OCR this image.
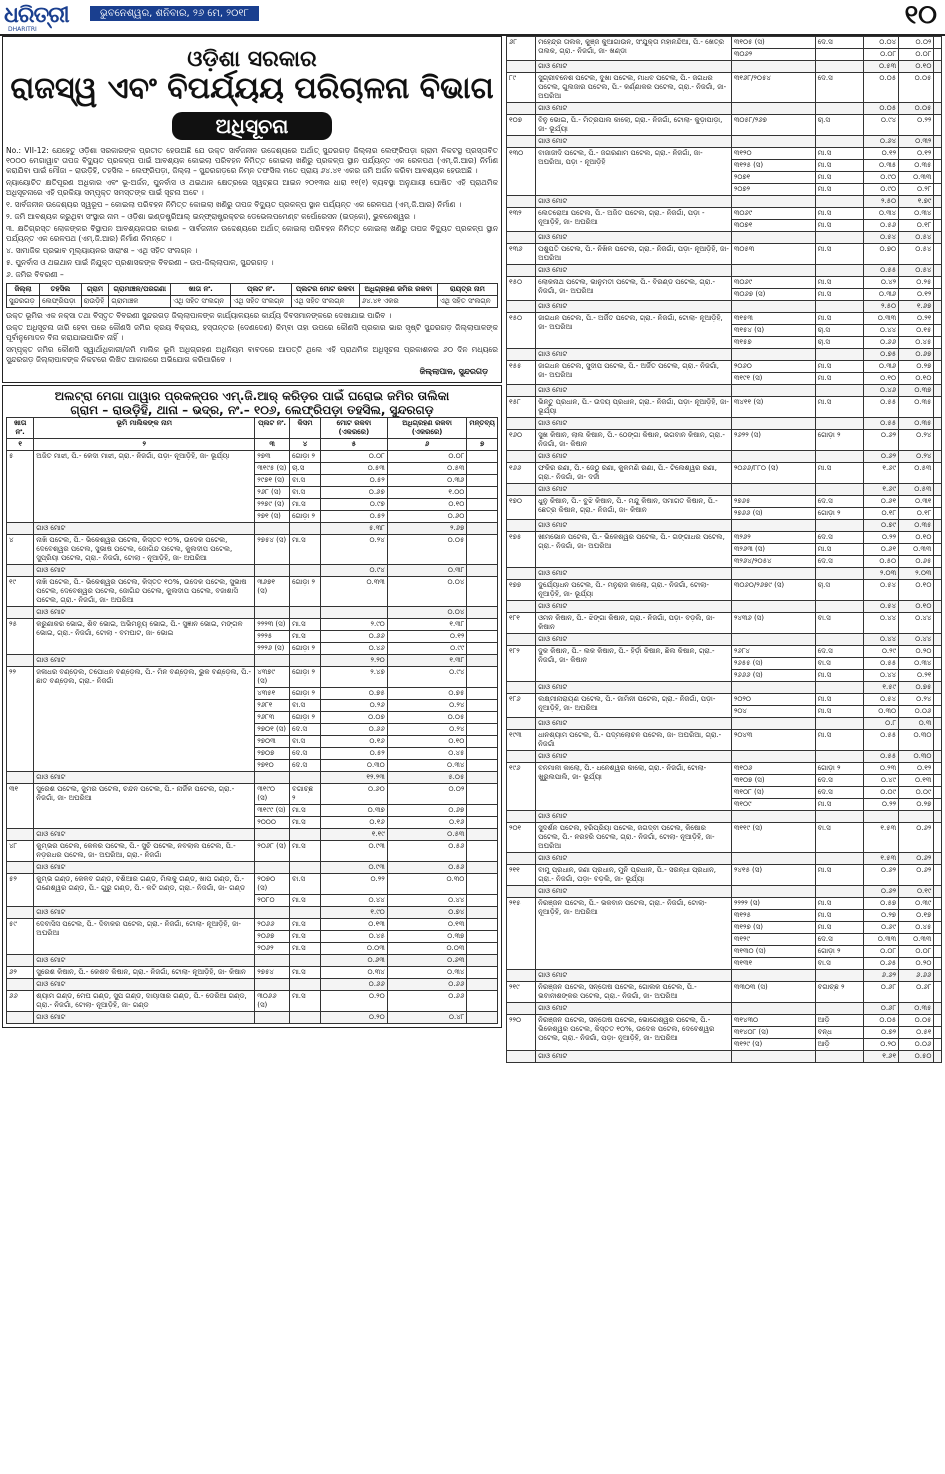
ଧରିତ୍ରୀ
DHARITRI
ଭୁବନେଶ୍ୱର, ଶନିବାର, ୨୬ ମେ, ୨୦୧୮	୧୦
ଓଡ଼ିଶା ସରକାର
ରାଜସ୍ୱ ଏବଂ ବିପର୍ଯ୍ୟୟ ପରିଚାଳନା ବିଭାଗ
ଅଧିସୂଚନା
No.: VII-12: ଯେହେତୁ ଓଡ଼ିଶା ସରକାରଙ୍କ ପ୍ରତୀତ ହେଉଅଛି ଯେ ଉକ୍ତ ସାର୍ବଜନୀନ ଉଦ୍ଦେଶ୍ୟରେ ଅର୍ଥାତ୍ ସୁନ୍ଦରଗଡ଼ ଜିଲ୍ଲାର ଲେଫ୍ରିପଡ଼ା ଗ୍ରାମ ନିକଟସ୍ଥ ପ୍ରସ୍ତାବିତ ୧୦୦୦ ମେଗାୱାଟ ତାପଜ ବିଦ୍ୟୁତ ପ୍ରକଳ୍ପ ପାଇଁ ଆବଶ୍ୟକ କୋଇଲା ପରିବହନ ନିମିତ୍ତ କୋଇଲା ଖଣିରୁ ପ୍ରକଳ୍ପ ସ୍ଥାନ ପର୍ଯ୍ୟନ୍ତ ଏକ ରେଳପଥ (ଏମ୍.ଜି.ଆର) ନିର୍ମାଣ କରାଯିବା ପାଇଁ ମୌଜା – ରାଉଡ଼ିହି, ତହସିଲ – ଲେଫ୍ରିପଡ଼ା, ଜିଲ୍ଲା – ସୁନ୍ଦରଗଡ଼ରେ ନିମ୍ନ ତଫସିଲ ମତେ ପ୍ରାୟ ୬୪.୪୧ ଏକର ଜମି ଅର୍ଜନ କରିବା ଆବଶ୍ୟକ ହେଉଅଛି ।
ନ୍ୟାୟୋଚିତ କ୍ଷତିପୂରଣ ଅଧିକାର ଏବଂ ଭୂ-ଅର୍ଜନ, ପୁନର୍ବାସ ଓ ଥଇଥାନ କ୍ଷେତ୍ରରେ ସ୍ୱଚ୍ଛତା ଆଇନ ୨୦୧୩ର ଧାରା ୧୧(୧) ବ୍ୟବସ୍ଥା ଅନୁଯାୟୀ ଘୋଷିତ ଏହି ପ୍ରାଥମିକ ଅଧିସୂଚନାରେ ଏହି ପ୍ରକିୟା ସମ୍ପୃକ୍ତ ସମସ୍ତଙ୍କ ପାଇଁ ସୂଚନା ଅଟେ ।
୧. ସାର୍ବଜନୀନ ଉଦ୍ଦେଶ୍ୟର ସ୍ୱରୂପ – କୋଇଲା ପରିବହନ ନିମିତ୍ତ କୋଇଲା ଖଣିରୁ ତାପଜ ବିଦ୍ୟୁତ ପ୍ରକଳ୍ପ ସ୍ଥାନ ପର୍ଯ୍ୟନ୍ତ ଏକ ରେଳପଥ (ଏମ୍.ଜି.ଆର) ନିର୍ମାଣ ।
୨. ଜମି ଆବଶ୍ୟକ କରୁଥିବା ସଂସ୍ଥାର ନାମ – ଓଡ଼ିଶା ଇଣ୍ଡଷ୍ଟ୍ରିଆଲ୍ ଇନ୍‌ଫ୍ରାଷ୍ଟ୍ରକ୍ଚର ଡେଭେଲପମେଣ୍ଟ କର୍ପୋରେସନ (ଇଡ୍‌କୋ), ଭୁବନେଶ୍ୱର ।
୩. କ୍ଷତିଗ୍ରସ୍ତ ଲୋକଙ୍କର ବିସ୍ଥାପନ ଆବଶ୍ୟକତାର କାରଣ – ସାର୍ବଜନୀନ ଉଦ୍ଦେଶ୍ୟରେ ଅର୍ଥାତ୍ କୋଇଲା ପରିବହନ ନିମିତ୍ତ କୋଇଲା ଖଣିରୁ ତାପଜ ବିଦ୍ୟୁତ ପ୍ରକଳ୍ପ ସ୍ଥାନ ପର୍ଯ୍ୟନ୍ତ ଏକ ରେଳପଥ (ଏମ୍.ଜି.ଆର) ନିର୍ମାଣ ନିମନ୍ତେ ।
୪. ସାମାଜିକ ପ୍ରଭାବ ମୂଲ୍ୟାୟନର ସାରାଂଶ – ଏଥି ସହିତ ସଂଲଗ୍ନ ।
୫. ପୁନର୍ବାସ ଓ ଥଇଥାନ ପାଇଁ ନିଯୁକ୍ତ ପ୍ରଶାସକଙ୍କ ବିବରଣୀ – ଉପ-ଜିଲ୍ଲାପାଳ, ସୁନ୍ଦରଗଡ଼ ।
୬. ଜମିର ବିବରଣୀ –
ଜିଲ୍ଲା	ତହସିଲ	ଗ୍ରାମ	ଗ୍ରାମାଞ୍ଚଳ/ପରଗଣା	ଖାତା ନଂ.	ପ୍ଲଟ ନଂ.	ପ୍ଲଟର ମୋଟ ରକବା	ଅଧିଗ୍ରହଣ ଜମିର ରକବା	ରାୟତ୍‌ର ନାମ
ସୁନ୍ଦରଗଡ଼	ଲେଫ୍ରିପଡ଼ା	ରାଉଡ଼ିହି	ଗ୍ରାମାଞ୍ଚଳ	ଏଥି ସହିତ ସଂଲଗ୍ନ	ଏଥି ସହିତ ସଂଲଗ୍ନ	ଏଥି ସହିତ ସଂଲଗ୍ନ	୬୪.୪୧ ଏକର	ଏଥି ସହିତ ସଂଲଗ୍ନ
ଉକ୍ତ ଭୂମିର ଏକ ନକ୍ସା ତଥା ବିସ୍ତୃତ ବିବରଣୀ ସୁନ୍ଦରଗଡ଼ ଜିଲ୍ଲାପାଳଙ୍କ କାର୍ଯ୍ୟାଳୟରେ କାର୍ଯ୍ୟ ଦିବସମାନଙ୍କରେ ଦେଖାଯାଇ ପାରିବ ।
ଉକ୍ତ ଅଧିସୂଚନା ଜାରି ହେବା ପରେ କୌଣସି ଜମିର କ୍ରୟ ବିକ୍ରୟ, ହସ୍ତାନ୍ତର (ଦେଣଦେଣ) କିମ୍ବା ତାହା ଉପରେ କୌଣସି ପ୍ରକାର ଭାର ସୃଷ୍ଟି ସୁନ୍ଦରଗଡ଼ ଜିଲ୍ଲାପାଳଙ୍କ ପୂର୍ବାନୁମୋଦନ ବିନା କରାଯାଇପାରିବ ନାହିଁ ।
ସମ୍ପୃକ୍ତ ଜମିର କୌଣସି ସ୍ୱାର୍ଥାଧିକାରୀ/ଜମି ମାଲିକ ଭୂମି ଅଧିଗ୍ରହଣ ଅଧିନିୟମ ବାବଦରେ ଆପତ୍ତି ଥିଲେ ଏହି ପ୍ରାଥମିକ ଅଧିସୂଚନା ପ୍ରକାଶନର ୬୦ ଦିନ ମଧ୍ୟରେ ସୁନ୍ଦରଗଡ଼ ଜିଲ୍ଲାପାଳଙ୍କ ନିକଟରେ ଲିଖିତ ଆକାରରେ ଅଭିଯୋଗ କରିପାରିବେ ।
ଜିଲ୍ଲାପାଳ, ସୁନ୍ଦରଗଡ଼
ଅଲଟ୍ରା ମେଗା ପାୱାର ପ୍ରକଳ୍ପର ଏମ୍.ଜି.ଆର୍ କରିଡ଼ର ପାଇଁ ଘରୋଇ ଜମିର ତାଲିକା
ଗ୍ରାମ – ରାଉଡ଼ିହି, ଥାନା – ଭଦ୍ର, ନଂ.– ୧୦୬, ଲେଫ୍ରିପଡ଼ା ତହସିଲ, ସୁନ୍ଦରଗଡ଼
ଖାତା ନଂ.	ଭୂମି ମାଲିକଙ୍କ ନାମ	ପ୍ଲଟ ନଂ.	କିସମ	ମୋଟ ରକବା (ଏକରରେ)	ଅଧିଗ୍ରହଣ ରକବା (ଏକରରେ)	ମନ୍ତବ୍ୟ
୧	୨	୩	୪	୫	୬	୭
୫	ଅଜିତ ମାଝୀ, ପି.- କେଦା ମାଝୀ, ଗ୍ରା.- ନିଜଗାଁ, ପଡ଼ା- ନୂଆଡ଼ିହି, ଜା- ଭୂର୍ଯ୍ୟା	୨୭୩	ଗୋଡ଼ା ୨	୦.୦୮	୦.୦୮	
		୩୧୯୫ (ସ)	ଚା.ସ	୦.୫୩	୦.୫୩	
		୨୯୭୧ (ସ)	ବା.ସ	୦.୫୨	୦.୩୬	
		୨୬୮ (ସ)	ବା.ସ	୦.୬୭	୧.୦୦	
		୨୨୭୯ (ସ)	ମା.ସ	୦.୯୭	୦.୧୦	
		୨୭୧ (ସ)	ଗୋଡ଼ା ୨	୦.୫୨	୦.୬୦	
	ଗାଓ ମୋଟ			୫.୩୮	୨.୬୭	
୪	ନାଖି ପଟେଲ, ପି.- ଭିକେଶ୍ୱର ପଟେଲ, କିସ୍ତତ ୧୦%, ଉଦେକ ପଟେଲ, ଦେବେଶ୍ୱର ପଟେଲ, ସୁଭାଷ ପଟେଲ, ଜୋଗିନ୍ଦ ପଟେଲ, କୁଲଦୀପ ପଟେଲ, ସୁପ୍ରିୟା ପଟେଲ, ଗ୍ରା.- ନିଜଗାଁ, ଟୋଲା - ନୂଆଡ଼ିହି, ଜା- ଅଘରିଆ	୨୭୫୪ (ସ)	ମା.ସ	୦.୨୪	୦.୦୫	
	ଗାଓ ମୋଟ			୦.୯୪	୦.୩୮	
୧୯	ନାଖି ପଟେଲ, ପି.- ଭିକେଶ୍ୱର ପଟେଲ, କିସ୍ତତ ୧୦%, ଉଦେକ ପଟେଲ, ସୁଭାଷ ପଟେଲ, ଦେବେଶ୍ୱର ପଟେଲ, ଜୋଗିନ୍ଦ ପଟେଲ, କୁଲଦୀପ ପଟେଲ, ବଜାଶାସି ପଟେଲ, ଗ୍ରା.- ନିଜଗାଁ, ଜା- ଅଘରିଆ	୩୬୭୧ (ସ)	ଗୋଡ଼ା ୨	୦.୩୩	୦.୦୪	
	ଗାଓ ମୋଟ				୦.୦୪	
୨୫	କରୁଣାକର ଭୋଇ, ଶିବ ଭୋଇ, ଅଭିମନ୍ୟୁ ଭୋଇ, ପି.- ସୁଜ୍ଞାନ ଭୋଇ, ମଙ୍ଗଳ ଭୋଇ, ଗ୍ରା.- ନିଜଗାଁ, ଟୋଲା - ବମଘାଟ, ଜା- ଭୋଇ	୨୨୨୩ (ସ)	ମା.ସ	୨.୯୦	୧.୩୮	
		୨୨୨୫	ମା.ସ	୦.୬୬	୦.୧୨	
		୨୨୨୬ (ସ)	ଗୋଡ଼ା ୨	୦.୪୬	୦.୯୯	
	ଗାଓ ମୋଟ			୨.୨୦	୧.୩୮	
୨୨	ଜଳାଧର ବଣ୍ଡ଼େଲ, ତପୋଧନ ବଣ୍ଡ଼େଲ, ପି.- ମିନ ବଣ୍ଡ଼େଲ, ଭୁକ ବଣ୍ଡ଼େଲ, ପି.- ଛାତ ବଣ୍ଡ଼େଲ, ଗ୍ରା.- ନିଜଗାଁ	୪୩୭୯ (ସ)	ଗୋଡ଼ା ୨	୨.୪୭	୦.୯୪	
		୪୩୫୧	ଗୋଡ଼ା ୨	୦.୭୫	୦.୭୫	
		୨୬୮୧	ବା.ସ	୦.୨୬	୦.୨୪	
		୨୬୮୩	ଗୋଡ଼ା ୨	୦.୦୭	୦.୦୫	
		୨୭୦୧ (ସ)	ଦେ.ସ	୦.୬୬	୦.୨୪	
		୨୭୦୩	ବା.ସ	୦.୧୬	୦.୧୦	
		୨୭୦୭	ଦେ.ସ	୦.୫୨	୦.୪୫	
		୨୭୧୦	ଦେ.ସ	୦.୩୦	୦.୩୪	
	ଗାଓ ମୋଟ			୧୨.୨୩	୫.୦୫	
୩୧	ସୁରେଶ ପଟେଲ, ଜୁମର ପଟେଲ, ଚନ୍ଦନ ପଟେଲ, ପି.- ନାର୍ଜିକ ପଟେଲ, ଗ୍ରା.- ନିଜଗାଁ, ଜା- ଅଘରିଆ	୩୧୯୦ (ସ)	ବଗାଚ୍ଛ ୨	୦.୬୦	୦.୦୨	
		୩୧୯୯ (ସ)	ମା.ସ	୦.୩୭	୦.୬୭	
		୨୦୦୦	ମା.ସ	୦.୧୬	୦.୧୬	
	ଗାଓ ମୋଟ			୧.୧୯	୦.୫୩	
୪୮	କୁମ୍ଭର ପଟେଲ, କେଳର ପଟେଲ, ପି.- ସୁଚି ପଟେଲ, ନବଲାଲ ପଟେଲ, ପି.- ନଡ଼ରଧର ପଟେଲ, ଜା- ଅଘରିଆ, ଗ୍ରା.- ନିଜଗାଁ	୨୦୬୮ (ସ)	ମା.ସ	୦.୯୩	୦.୫୬	
	ଗାଓ ମୋଟ			୦.୯୩	୦.୫୬	
୫୨	କୁମ୍ଭ ଗଣ୍ଡ, କେଳବ ଗଣ୍ଡ, ବଶିଆର ଗଣ୍ଡ, ମିଲକୁ ଗଣ୍ଡ, ଖାପ ଗଣ୍ଡ, ପି.- ଗଣେଶ୍ୱର ଗଣ୍ଡ, ପି.- ଗୁରୁ ଗଣ୍ଡ, ପି.- କଟି ଗଣ୍ଡ, ଗ୍ରା.- ନିଜଗାଁ, ଜା- ଗଣ୍ଡ	୨୦୭୦ (ସ)	ବା.ସ	୦.୨୨	୦.୩୦	
		୨୦୮୦	ମା.ସ	୦.୪୪	୦.୪୪	
	ଗାଓ ମୋଟ			୧.୯୦	୦.୭୪	
୫୯	ଦେବାସିସ ପଟେଲ, ପି.- ଦିବାକର ପଟେଲ, ଗ୍ରା.- ନିଜଗାଁ, ଟୋଲା- ନୂଆଡ଼ିହି, ଜା- ଅଘରିଆ	୨୦୬୬	ମା.ସ	୦.୧୩	୦.୧୩	
		୨୦୬୭	ମା.ସ	୦.୪୫	୦.୩୭	
		୨୦୬୨	ମା.ସ	୦.୦୩	୦.୦୩	
	ଗାଓ ମୋଟ			୦.୬୩	୦.୬୩	
୬୨	ସୁରେଶ କିଷାନ, ପି.- କେଶବ କିଷାନ, ଗ୍ରା.- ନିଜଗାଁ, ଟୋଲା- ନୂଆଡ଼ିହି, ଜା- କିଷାନ	୨୭୫୪	ମା.ସ	୦.୩୪	୦.୩୪	
	ଗାଓ ମୋଟ			୦.୬୬	୦.୬୬	
୬୬	ଶ୍ୟାମ ଗଣ୍ଡ, ମେଘ ଗଣ୍ଡ, ସୁପ ଗଣ୍ଡ, ଦାୟାସାର ଗଣ୍ଡ, ପି.- ଡେରିଆ ଗଣ୍ଡ, ଗ୍ରା.- ନିଜଗାଁ, ଟୋଲା- ନୂଆଡ଼ିହି, ଜା- ଗଣ୍ଡ	୩୦୬୬ (ସ)	ମା.ସ	୦.୨୦	୦.୬୬	
	ଗାଓ ମୋଟ			୦.୨୦	୦.୪୮	
୬୮	ମହେନ୍ଦ୍ର ତାଲକ, କୁଞ୍ଜ କୁଆଗାଉନ, ସଂଯୁକ୍ତା ମହାନନ୍ଦିଆ, ପି.- ଖେତ୍ର ତାଲକ, ଗ୍ରା.- ନିଜଗାଁ, ଜା- ଖଣ୍ଡା	୩୧୦୫ (ସ)	ଦେ.ସ	୦.୦୪	୦.୦୨	
		୩୦୬୨		୦.୦୮	୦.୦୮	
	ଗାଓ ମୋଟ			୦.୫୩	୦.୧୦	
୮୯	ସୁଗ୍ରୀବନେଶ ପଟେଲ, ଦୁଖା ପଟେଲ, ମାଧବ ପଟେଲ, ପି.- ଜଗଧର ପଟେଲ, ଗୁଲଜାର ପଟେଲ, ପି.- କର୍ଣ୍ଣାକର ପଟେଲ, ଗ୍ରା.- ନିଜଗାଁ, ଜା- ଅଘରିଆ	୩୧୬୮/୨୦୫୪	ଦେ.ସ	୦.୦୫	୦.୦୫	
	ଗାଓ ମୋଟ			୦.୦୫	୦.୦୫	
୧୦୭	ବିନୁ ଭୋଇ, ପି.- ମିତ୍ରପାଲ କାଲୋ, ଗ୍ରା.- ନିଜଗାଁ, ଟୋଲା- କୁଡ଼ାପାଡ଼ା, ଜା- ଭୂର୍ଯ୍ୟା	୩୦୫୮/୨୬୭	ଚା.ସ	୦.୯୪	୦.୨୨	
	ଗାଓ ମୋଟ			୦.୬୪	୦.୩୨	
୧୩୦	ବାଜାଜୀଦି ପଟେଲ, ପି.- ଜଗରଣାମ ପଟେଲ, ଗ୍ରା.- ନିଜଗାଁ, ଜା- ଅଘରିଆ, ପଡ଼ା - ନୂଆଡ଼ିହି	୩୧୨୦	ମା.ସ	୦.୧୨	୦.୧୨	
		୩୧୨୫ (ସ)	ମା.ସ	୦.୩୫	୦.୩୫	
		୨୦୭୧	ମା.ସ	୦.୯୦	୦.୩୩	
		୨୦୭୨	ମା.ସ	୦.୯୦	୦.୨୮	
	ଗାଓ ମୋଟ			୨.୫୦	୧.୭୯	
୧୩୨	ଲେତରୋଆ ପଟେଲ, ପି.- ଅଜିତ ପଟେଲ, ଗ୍ରା.- ନିଜଗାଁ, ପଡ଼ା - ନୂଆଡ଼ିହି, ଜା- ଅଘରିଆ	୩୦୬୯	ମା.ସ	୦.୩୪	୦.୩୪	
		୩୦୭୧	ମା.ସ	୦.୫୬	୦.୧୮	
	ଗାଓ ମୋଟ			୦.୫୪	୦.୫୪	
୧୩୬	ପଶୁପତି ପଟେଲ, ପି.- ନିଖିଳ ପଟେଲ, ଗ୍ରା.- ନିଜଗାଁ, ପଡ଼ା- ନୂଆଡ଼ିହି, ଜା- ଅଘରିଆ	୩୦୫୩	ମା.ସ	୦.୭୦	୦.୫୪	
	ଗାଓ ମୋଟ			୦.୫୫	୦.୫୪	
୧୫୦	ଲୋକନାଥ ପଟେଲ, ଭାନୁମତୀ ପଟେଲ, ପି.- ବିରଣ୍ଡ ପଟେଲ, ଗ୍ରା.- ନିଜଗାଁ, ଜା- ଅଘରିଆ	୩୦୬୯	ମା.ସ	୦.୪୨	୦.୨୫	
		୩୦୬୭ (ସ)	ମା.ସ	୦.୩୬	୦.୧୨	
	ଗାଓ ମୋଟ			୨.୫୦	୧.୬୭	
୧୫୦	ଜାଗଧନ ପଟେଲ, ପି.- ଅର୍ଜିତ ପଟେଲ, ଗ୍ରା.- ନିଜଗାଁ, ଟୋଲା- ନୂଆଡ଼ିହି, ଜା- ଅଘରିଆ	୩୧୫୩	ମା.ସ	୦.୩୩	୦.୨୧	
		୩୧୫୪ (ସ)	ଚା.ସ	୦.୪୪	୦.୧୫	
		୩୧୫୭	ଚା.ସ	୦.୬୬	୦.୪୫	
	ଗାଓ ମୋଟ			୦.୭୫	୦.୬୭	
୧୫୫	ଜାଗଧନ ପଟେଲ, ସୁଦୀପ ପଟେଲ, ପି.- ଅର୍ଜିତ ପଟେଲ, ଗ୍ରା.- ନିଜଗାଁ, ଜା- ଅଘରିଆ	୨୦୬୦	ମା.ସ	୦.୩୬	୦.୨୭	
		୩୧୯୧ (ସ)	ମା.ସ	୦.୧୦	୦.୧୦	
	ଗାଓ ମୋଟ			୦.୪୬	୦.୩୭	
୧୫୮	ଭିନ୍ତୁ ପ୍ରଧାନ, ପି.- ଉଦୟ ପ୍ରଧାନ, ଗ୍ରା.- ନିଜଗାଁ, ପଡ଼ା- ନୂଆଡ଼ିହି, ଜା- ଭୂର୍ଯ୍ୟା	୩୪୧୧ (ସ)	ମା.ସ	୦.୫୫	୦.୩୫	
	ଗାଓ ମୋଟ			୦.୫୫	୦.୩୫	
୧୬୦	ସୁଖ କିଷାନ, ଲାଲ କିଷାନ, ପି.- ଠେଙ୍ଗା କିଷାନ, ଭଗବାନ କିଷାନ, ଗ୍ରା.- ନିଜଗାଁ, ଜା- କିଷାନ	୨୬୨୨ (ସ)	ଗୋଡ଼ା ୨	୦.୬୨	୦.୨୪	
	ଗାଓ ମୋଟ			୦.୬୨	୦.୨୪	
୧୬୬	ଫକିର ରଣା, ପି.- ଜେଠୁ ରଣା, କୁଳମଣି ରଣା, ପି.- ଟିଲେଶ୍ୱର ରଣା, ଗ୍ରା.- ନିଜଗାଁ, ଜା- ଦର୍ଜୀ	୨୦୬୬/୮୮୦ (ସ)	ମା.ସ	୧.୬୯	୦.୫୩	
	ଗାଓ ମୋଟ			୧.୬୯	୦.୫୩	
୧୭୦	ଧୁନୁ କିଷାନ, ପି.- ବୁଝି କିଷାନ, ପି.- ମନ୍ଦୁ କିଷାନ, ସମାଗତ କିଷାନ, ପି.- ଛେତ୍ର କିଷାନ, ଗ୍ରା.- ନିଜଗାଁ, ଜା- କିଷାନ	୨୭୬୫	ଦେ.ସ	୦.୬୧	୦.୩୧	
		୨୭୬୬ (ସ)	ଗୋଡ଼ା ୨	୦.୧୮	୦.୧୮	
	ଗାଓ ମୋଟ			୦.୭୯	୦.୩୫	
୧୭୫	ଖୀମଭୋନ ପଟେଲ, ପି.- ଭିଳେଶ୍ୱର ପଟେଲ, ପି.- ଗଙ୍ଗାଧର ପଟେଲ, ଗ୍ରା.- ନିଜଗାଁ, ଜା- ଅଘରିଆ	୩୨୬୨	ଦେ.ସ	୦.୨୨	୦.୧୦	
		୩୨୬୩ (ସ)	ମା.ସ	୦.୬୧	୦.୩୩	
		୩୨୬୪/୨୦୫୪	ଦେ.ସ	୦.୫୦	୦.୬୫	
	ଗାଓ ମୋଟ			୨.୦୩	୨.୦୩	
୧୭୭	ଦୁର୍ଯ୍ୟୋଧନ ପଟେଲ, ପି.- ମନୁରାଜ କାଲୋ, ଗ୍ରା.- ନିଜଗାଁ, ଟୋଲା- ନୂଆଡ଼ିହି, ଜା- ଭୂର୍ଯ୍ୟା	୩୦୬୦/୨୬୭୯ (ସ)	ଚା.ସ	୦.୫୪	୦.୧୦	
	ଗାଓ ମୋଟ			୦.୫୪	୦.୧୦	
୧୮୧	ଓମନ କିଷାନ, ପି.- ଝିଙ୍ଗା କିଷାନ, ଗ୍ରା.- ନିଜଗାଁ, ପଡ଼ା- ବଡ଼ଲି, ଜା- କିଷାନ	୨୪୩୬ (ସ)	ବା.ସ	୦.୪୪	୦.୪୪	
	ଗାଓ ମୋଟ			୦.୪୪	୦.୪୪	
୧୮୨	ଦୁକ କିଷାନ, ପି.- ଲକ କିଷାନ, ପି.- ହିର୍ଡ଼ା କିଷାନ, ଛିଲ କିଷାନ, ଗ୍ରା.- ନିଜଗାଁ, ଜା- କିଷାନ	୨୬୮୪	ଦେ.ସ	୦.୨୯	୦.୨୦	
		୨୬୫୫ (ସ)	ବା.ସ	୦.୫୫	୦.୩୪	
		୨୬୬୬ (ସ)	ମା.ସ	୦.୪୪	୦.୨୧	
	ଗାଓ ମୋଟ			୧.୫୯	୦.୭୫	
୧୮୬	ଲକ୍ଷ୍ମୀନାରାୟଣ ପଟେଲ, ପି.- ଜାମିନୀ ପଟେଲ, ଗ୍ରା.- ନିଜଗାଁ, ପଡ଼ା- ନୂଆଡ଼ିହି, ଜା- ଅଘରିଆ	୨୦୨୦	ମା.ସ	୦.୫୪	୦.୨୪	
		୨୦୪	ମା.ସ	୦.୩୦	୦.୦୬	
	ଗାଓ ମୋଟ			୦.୮	୦.୩	
୧୯୩	ଧାନଶ୍ୟାମ ପଟେଲ, ପି.- ପଦ୍ମଲୋଚନ ପଟେଲ, ଜା- ଅଘରିଆ, ଗ୍ରା.- ନିଜଗାଁ	୨୦୪୩	ମା.ସ	୦.୫୫	୦.୩୦	
	ଗାଓ ମୋଟ			୦.୫୫	୦.୩୦	
୧୯୬	ବନମାଳୀ କାଲୋ, ପି.- ଧନେଶ୍ୱର କାଲୋ, ଗ୍ରା.- ନିଜଗାଁ, ଟୋଲା- ଖୁରୁଲପାଲି, ଜା- ଭୂର୍ଯ୍ୟା	୩୧୦୬	ଗୋଡ଼ା ୨	୦.୨୩	୦.୧୨	
		୩୧୦୭ (ସ)	ଦେ.ସ	୦.୪୯	୦.୧୩	
		୩୧୦୮ (ସ)	ଦେ.ସ	୦.୦୯	୦.୦୯	
		୩୧୦୯	ମା.ସ	୦.୨୨	୦.୨୭	
	ଗାଓ ମୋଟ					
୨୦୧	ସୁଦର୍ଶନ ପଟେଲ, ହରିପ୍ରିୟା ପଟେଲ, ଜଗଦ୍ବୀ ପଟେଲ, କିଷୋର ପଟେଲ, ପି.- ନରହରି ପଟେଲ, ଗ୍ରା.- ନିଜଗାଁ, ଟୋଲା- ନୂଆଡ଼ିହି, ଜା- ଅଘରିଆ	୩୧୧୯ (ସ)	ବା.ସ	୧.୫୩	୦.୬୨	
	ଗାଓ ମୋଟ			୧.୫୩	୦.୬୨	
୨୧୧	ବାମୁ ପ୍ରଧାନ, ଜଣା ପ୍ରଧାନ, ମୁନି ପ୍ରଧାନ, ପି.- ସରନ୍ଧା ପ୍ରଧାନ, ଗ୍ରା.- ନିଜଗାଁ, ପଡ଼ା- ବଡ଼ଲି, ଜା- ଭୂର୍ଯ୍ୟା	୨୪୧୫ (ସ)	ମା.ସ	୦.୬୨	୦.୬୨	
	ଗାଓ ମୋଟ			୦.୬୨	୦.୧୯	
୨୧୫	ନିରଞ୍ଜନ ପଟେଲ, ପି.- ଭକବାନ ପଟେଲ, ଗ୍ରା.- ନିଜଗାଁ, ଟୋଲା- ନୂଆଡ଼ିହି, ଜା- ଅଘରିଆ	୨୨୨୨ (ସ)	ମା.ସ	୦.୫୭	୦.୩୯	
		୩୧୨୫	ମା.ସ	୦.୨୭	୦.୧୭	
		୩୧୨୭ (ସ)	ମା.ସ	୦.୬୯	୦.୪୫	
		୩୧୨୯	ଦେ.ସ	୦.୩୩	୦.୩୩	
		୩୧୩୦ (ସ)	ଗୋଡ଼ା ୨	୦.୦୮	୦.୦୮	
		୩୧୩୧	ବା.ସ	୦.୬୫	୦.୨୦	
	ଗାଓ ମୋଟ			୬.୬୨	୬.୬୬	
୨୧୯	ନିରଞ୍ଜନ ପଟେଲ, ସନ୍ତୋଷ ପଟେଲ, ଗୋଲକ ପଟେଲ, ପି.- ଭବାନୀଶଙ୍କର ପଟେଲ, ଗ୍ରା.- ନିଜଗାଁ, ଜା- ଅଘରିଆ	୩୩୦୩ (ସ)	ବଗାଚ୍ଛ ୨	୦.୬୮	୦.୬୮	
	ଗାଓ ମୋଟ			୦.୬୮	୦.୩୫	
୨୨୦	ନିରଞ୍ଜନ ପଟେଲ, ସନ୍ତୋଷ ପଟେଲ, ଭୋଗେଶ୍ୱର ପଟେଲ, ପି.- ଭିକେଶ୍ୱର ପଟେଲ, କିସ୍ତତ ୧୦%, ଉଦେକ ପଟେଲ, ଦେବେଶ୍ୱର ପଟେଲ, ଗ୍ରା.- ନିଜଗାଁ, ପଡ଼ା- ନୂଆଡ଼ିହି, ଜା- ଅଘରିଆ	୩୧୪୩୦	ଆଡ଼ି	୦.୦୫	୦.୦୫	
		୩୧୪୦୮ (ସ)	ବନ୍ଧ	୦.୭୨	୦.୫୧	
		୩୧୨୯ (ସ)	ଆଡ଼ି	୦.୨୦	୦.୦୬	
	ଗାଓ ମୋଟ			୧.୬୧	୦.୫୦	
